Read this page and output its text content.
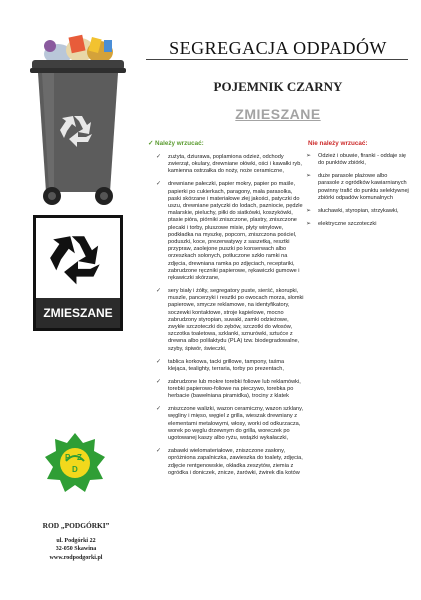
ZMIESZANE
P Z
D
ROD „PODGÓRKI”
ul. Podgórki 22
32-050 Skawina
www.rodpodgorki.pl
SEGREGACJA ODPADÓW
POJEMNIK CZARNY
ZMIESZANE
✓ Należy wrzucać:
✓ zużyta, dziurawa, poplamiona odzież, odchody zwierząt, okulary, drewniane ołówki, ości i kawałki ryb, kamienna ostrzałka do noży, noże ceramiczne,
✓ drewniane pałeczki, papier mokry, papier po maśle, papierki po cukierkach, paragony, mała parasolka, paski skórzane i materiałowe złej jakości, patyczki do uszu, drewniane patyczki do lodach, pazniocie, pędzle malarskie, pieluchy, piłki do siatkówki, koszykówki, ptasie pióra, piórniki zniszczone, plastry, zniszczone plecaki i torby, pluszowe misie, płyty winylowe, podkładka na myszkę, popcorn, zniszczona pościel, poduszki, koce, prezerwatywy z saszetką, resztki przypraw, zaolejone puszki po konserwach albo orzeszkach solonych, potłuczone szkło ramki na zdjęcia, drewniana ramka po zdjęciach, receptariki, zabrudzone ręczniki papierowe, rękawiczki gumowe i rękawiczki skórzane,
✓ sery biały i żółty, segregatory puste, sierść, skorupki, muszle, pancerzyki i resztki po owocach morza, słomki papierowe, smycze reklamowe, na identyfikatory, soczewki kontaktowe, stroje kąpielowe, mocno zabrudzony styropian, suwaki, zamki odzieżowe, zwykłe szczoteczki do zębów, szczotki do włosów, szczotka toaletowa, szklanki, sznurówki, sztućce z drewna albo polilaktydu (PLA) tzw. biodegradowalne, szyby, śpiwór, świeczki,
✓ tablica korkowa, tacki grillowe, tampony, taśma klejąca, tealighty, terraria, torby po prezentach,
✓ zabrudzone lub mokre torebki foliowe lub reklamówki, torebki papierowo-foliowe na pieczywo, torebka po herbacie (bawełniana piramidka), trociny z klatek
✓ zniszczone walizki, wazon ceramiczny, wazon szklany, węgliny i mięso, węgiel z grilla, wieszak drewniany z elementami metalowymi, włosy, worki od odkurzacza, worek po węglu drzewnym do grilla, woreczek po ugotowanej kaszy albo ryżu, wstążki wykałaczki,
✓ zabawki wielomateriałowe, zniszczone zasłony, opróżniona zapalniczka, zawieszka do toalety, zdjęcia, zdjęcie rentgenowskie, okładka zeszytów, ziemia z ogródka i doniczek, znicze, żarówki, żwirek dla kotów
Nie należy wrzucać:
➢ Odzież i obuwie, firanki - oddaje się do punktów zbiórki,
➢ duże parasole plażowe albo parasole z ogródków kawiarnianych powinny trafić do punktu selektywnej zbiórki odpadów komunalnych
➢ słuchawki, styropian, strzykawki,
➢ elektryczne szczoteczki
